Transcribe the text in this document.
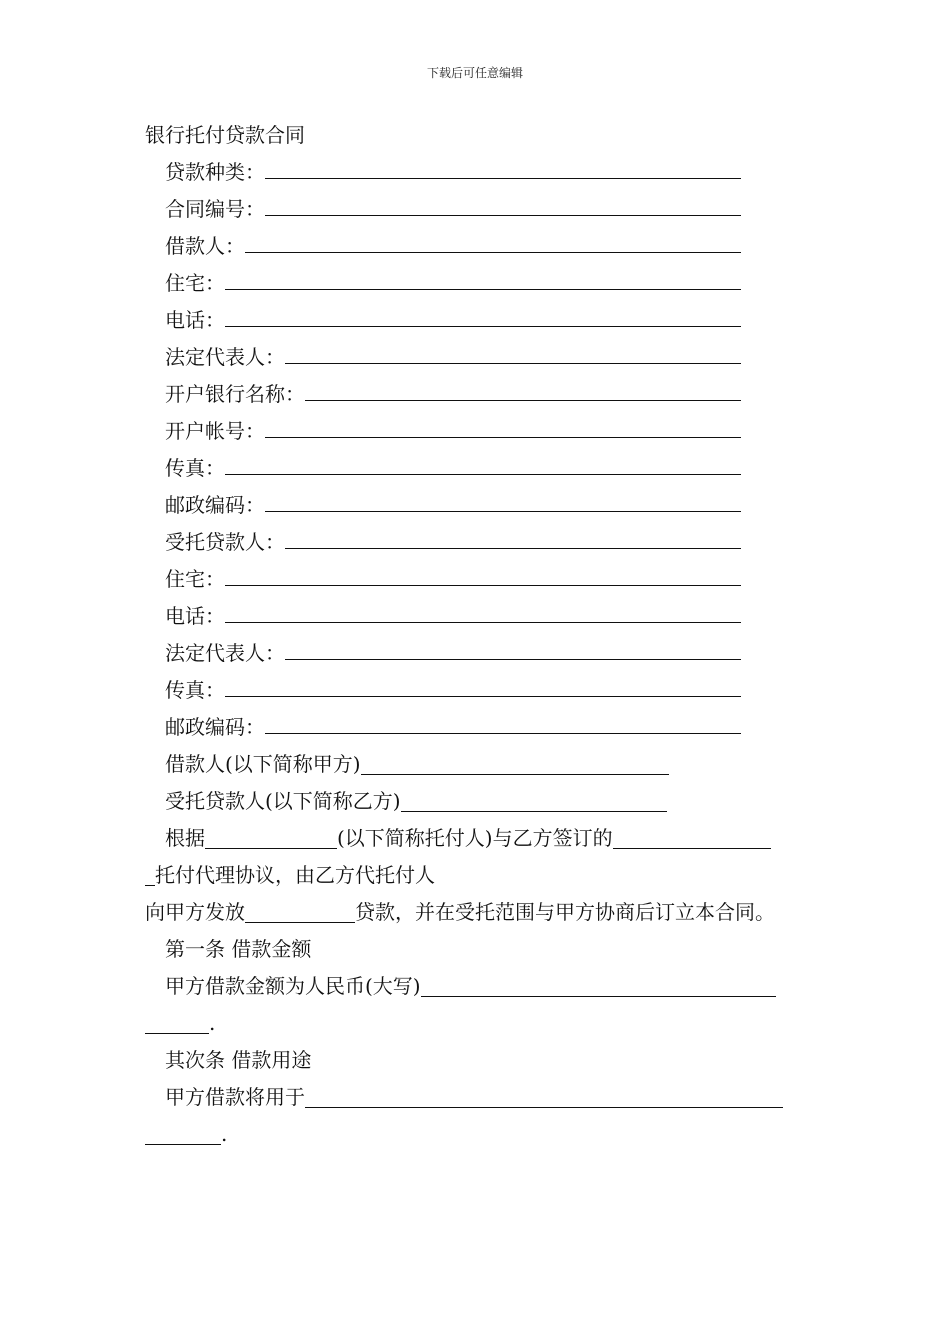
下载后可任意编辑
银行托付贷款合同
贷款种类：
合同编号：
借款人：
住宅：
电话：
法定代表人：
开户银行名称：
开户帐号：
传真：
邮政编码：
受托贷款人：
住宅：
电话：
法定代表人：
传真：
邮政编码：
借款人(以下简称甲方)
受托贷款人(以下简称乙方)
根据	(以下简称托付人)与乙方签订的
托付代理协议，由乙方代托付人
向甲方发放	贷款，并在受托范围与甲方协商后订立本合同。
第一条 借款金额
甲方借款金额为人民币(大写)
.
其次条 借款用途
甲方借款将用于
.
